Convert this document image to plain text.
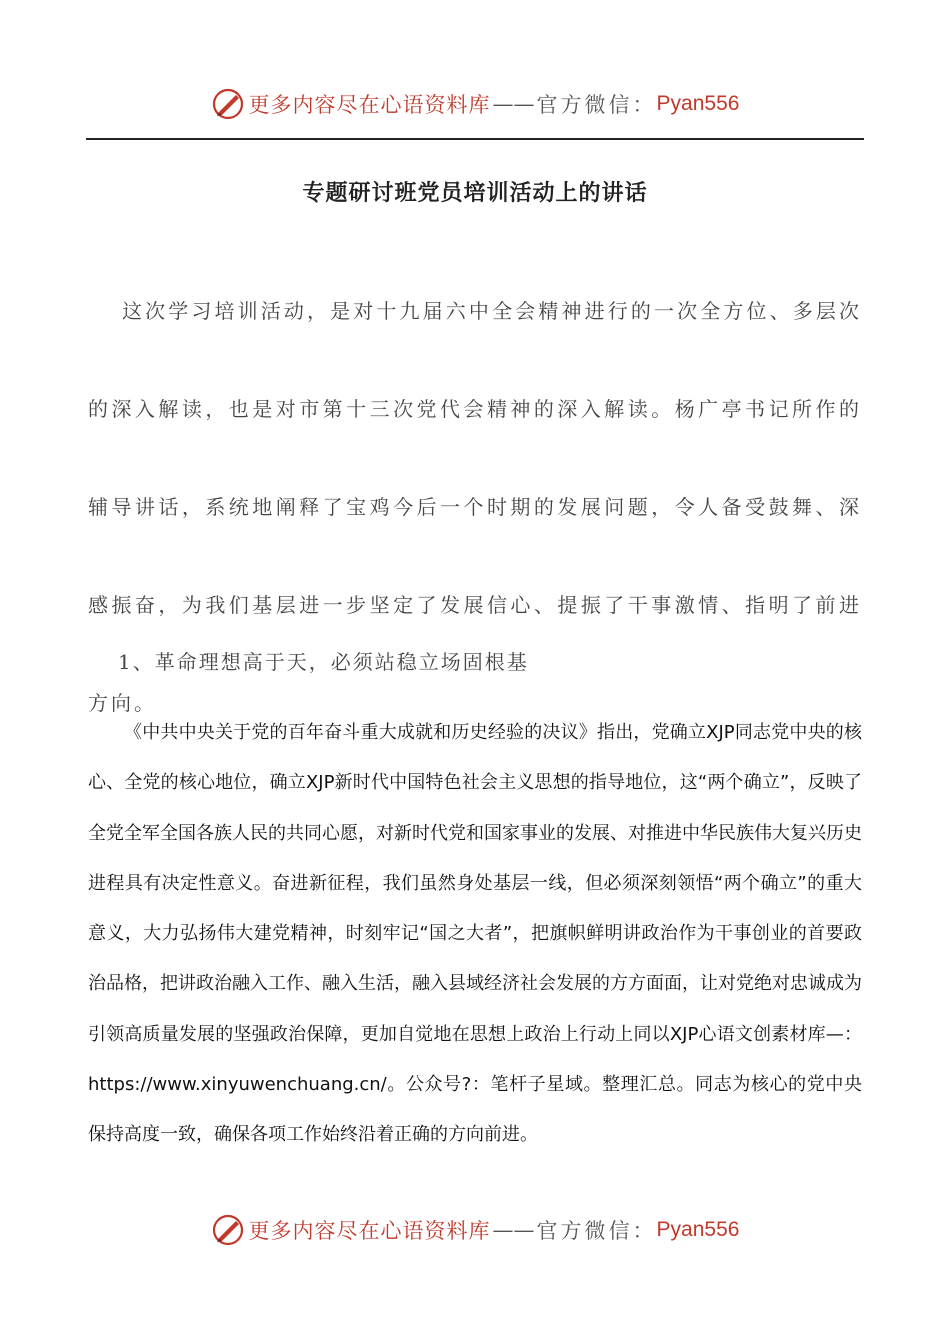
更多内容尽在心语资料库 —— 官方微信： Pyan556
专题研讨班党员培训活动上的讲话
这次学习培训活动，是对十九届六中全会精神进行的一次全方位、多层次的深入解读，也是对市第十三次党代会精神的深入解读。杨广亭书记所作的辅导讲话，系统地阐释了宝鸡今后一个时期的发展问题，令人备受鼓舞、深感振奋，为我们基层进一步坚定了发展信心、提振了干事激情、指明了前进方向。
1、革命理想高于天，必须站稳立场固根基
《中共中央关于党的百年奋斗重大成就和历史经验的决议》指出，党确立XJP同志党中央的核心、全党的核心地位，确立XJP新时代中国特色社会主义思想的指导地位，这“两个确立”，反映了全党全军全国各族人民的共同心愿，对新时代党和国家事业的发展、对推进中华民族伟大复兴历史进程具有决定性意义。奋进新征程，我们虽然身处基层一线，但必须深刻领悟“两个确立”的重大意义，大力弘扬伟大建党精神，时刻牢记“国之大者”，把旗帜鲜明讲政治作为干事创业的首要政治品格，把讲政治融入工作、融入生活，融入县域经济社会发展的方方面面，让对党绝对忠诚成为引领高质量发展的坚强政治保障，更加自觉地在思想上政治上行动上同以XJP心语文创素材库—：https://www.xinyuwenchuang.cn/。公众号?：笔杆子星域。整理汇总。同志为核心的党中央保持高度一致，确保各项工作始终沿着正确的方向前进。
更多内容尽在心语资料库 —— 官方微信： Pyan556
